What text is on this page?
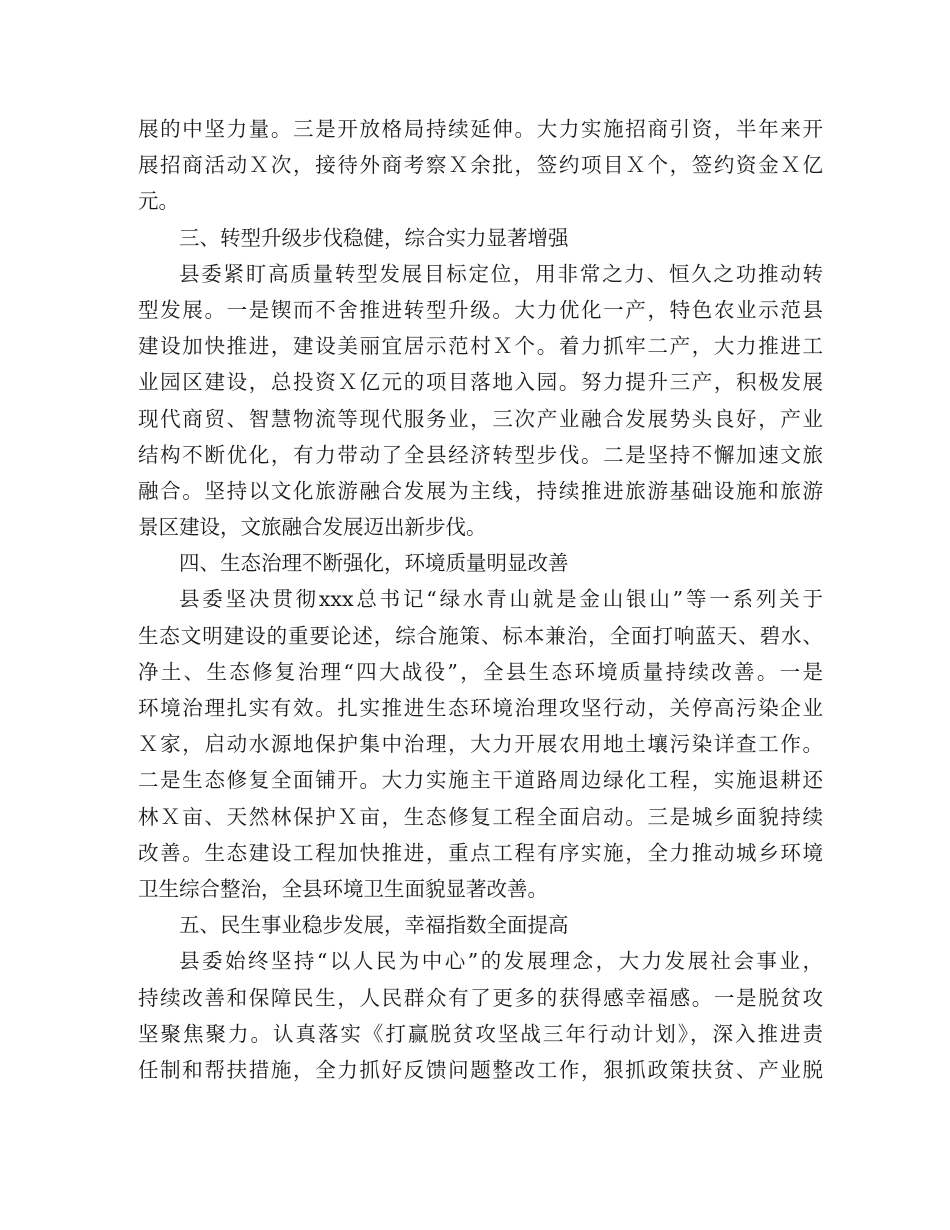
展的中坚力量。三是开放格局持续延伸。大力实施招商引资，半年来开
展招商活动Ｘ次，接待外商考察Ｘ余批，签约项目Ｘ个，签约资金Ｘ亿
元。
三、转型升级步伐稳健，综合实力显著增强
县委紧盯高质量转型发展目标定位，用非常之力、恒久之功推动转
型发展。一是锲而不舍推进转型升级。大力优化一产，特色农业示范县
建设加快推进，建设美丽宜居示范村Ｘ个。着力抓牢二产，大力推进工
业园区建设，总投资Ｘ亿元的项目落地入园。努力提升三产，积极发展
现代商贸、智慧物流等现代服务业，三次产业融合发展势头良好，产业
结构不断优化，有力带动了全县经济转型步伐。二是坚持不懈加速文旅
融合。坚持以文化旅游融合发展为主线，持续推进旅游基础设施和旅游
景区建设，文旅融合发展迈出新步伐。
四、生态治理不断强化，环境质量明显改善
县委坚决贯彻xxx总书记“绿水青山就是金山银山”等一系列关于
生态文明建设的重要论述，综合施策、标本兼治，全面打响蓝天、碧水、
净土、生态修复治理“四大战役”，全县生态环境质量持续改善。一是
环境治理扎实有效。扎实推进生态环境治理攻坚行动，关停高污染企业
Ｘ家，启动水源地保护集中治理，大力开展农用地土壤污染详查工作。
二是生态修复全面铺开。大力实施主干道路周边绿化工程，实施退耕还
林Ｘ亩、天然林保护Ｘ亩，生态修复工程全面启动。三是城乡面貌持续
改善。生态建设工程加快推进，重点工程有序实施，全力推动城乡环境
卫生综合整治，全县环境卫生面貌显著改善。
五、民生事业稳步发展，幸福指数全面提高
县委始终坚持“以人民为中心”的发展理念，大力发展社会事业，
持续改善和保障民生，人民群众有了更多的获得感幸福感。一是脱贫攻
坚聚焦聚力。认真落实《打赢脱贫攻坚战三年行动计划》，深入推进责
任制和帮扶措施，全力抓好反馈问题整改工作，狠抓政策扶贫、产业脱
